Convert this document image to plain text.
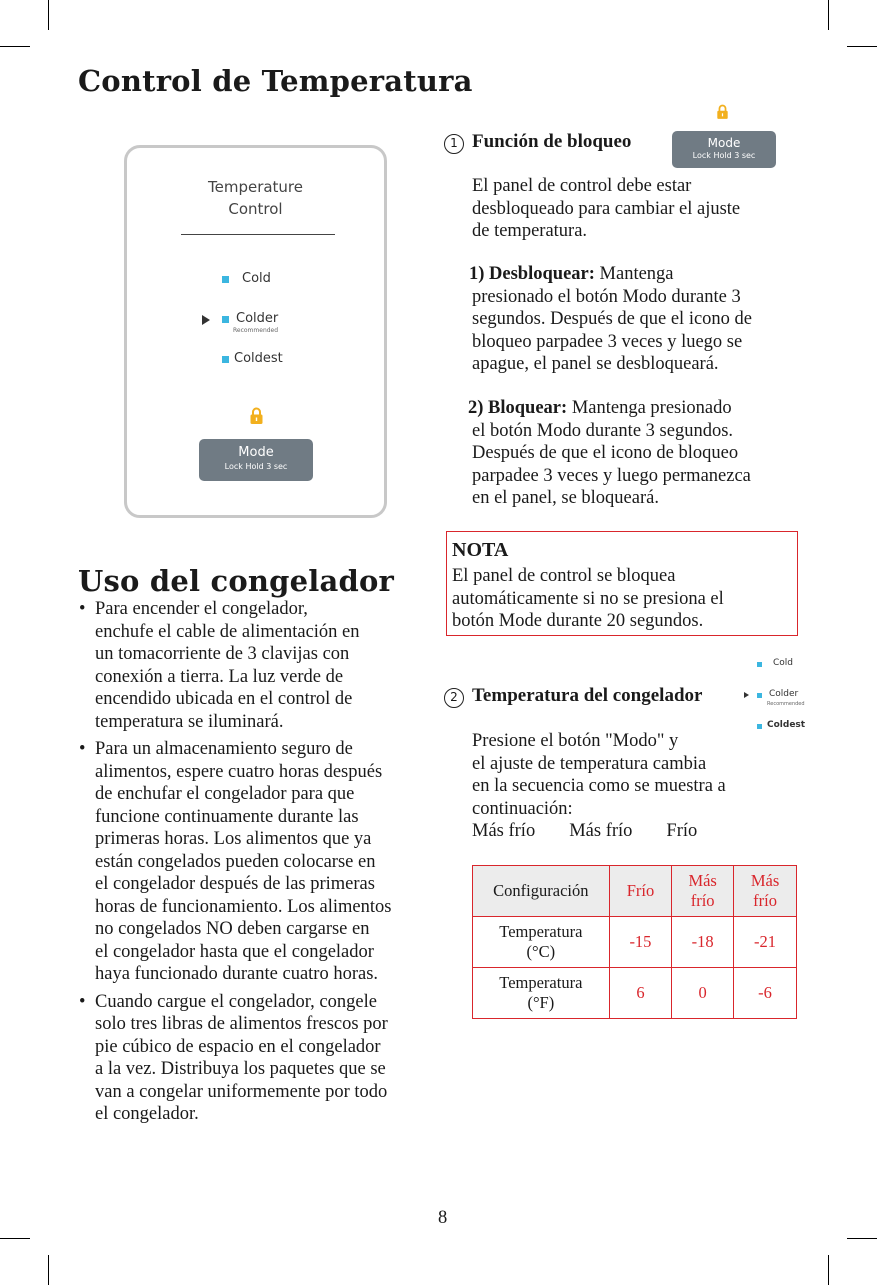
Control de Temperatura
Temperature
Control
Cold
Colder
Recommended
Coldest
Mode
Lock Hold 3 sec
1 Función de bloqueo	Mode
Lock Hold 3 sec
El panel de control debe estar
desbloqueado para cambiar el ajuste
de temperatura.
1) Desbloquear: Mantenga
presionado el botón Modo durante 3
segundos. Después de que el icono de
bloqueo parpadee 3 veces y luego se
apague, el panel se desbloqueará.
2) Bloquear: Mantenga presionado
el botón Modo durante 3 segundos.
Después de que el icono de bloqueo
parpadee 3 veces y luego permanezca
en el panel, se bloqueará.
NOTA
El panel de control se bloquea
automáticamente si no se presiona el
botón Mode durante 20 segundos.
Uso del congelador
• Para encender el congelador,
enchufe el cable de alimentación en
un tomacorriente de 3 clavijas con
conexión a tierra. La luz verde de
encendido ubicada en el control de
temperatura se iluminará.
• Para un almacenamiento seguro de
alimentos, espere cuatro horas después
de enchufar el congelador para que
funcione continuamente durante las
primeras horas. Los alimentos que ya
están congelados pueden colocarse en
el congelador después de las primeras
horas de funcionamiento. Los alimentos
no congelados NO deben cargarse en
el congelador hasta que el congelador
haya funcionado durante cuatro horas.
• Cuando cargue el congelador, congele
solo tres libras de alimentos frescos por
pie cúbico de espacio en el congelador
a la vez. Distribuya los paquetes que se
van a congelar uniformemente por todo
el congelador.
Cold
Colder
Recommended
Coldest
2 Temperatura del congelador
Presione el botón "Modo" y
el ajuste de temperatura cambia
en la secuencia como se muestra a
continuación:
Más frío Más frío Frío
Configuración	Frío	Más frío	Más frío
Temperatura (°C)	-15	-18	-21
Temperatura (°F)	6	0	-6
8
